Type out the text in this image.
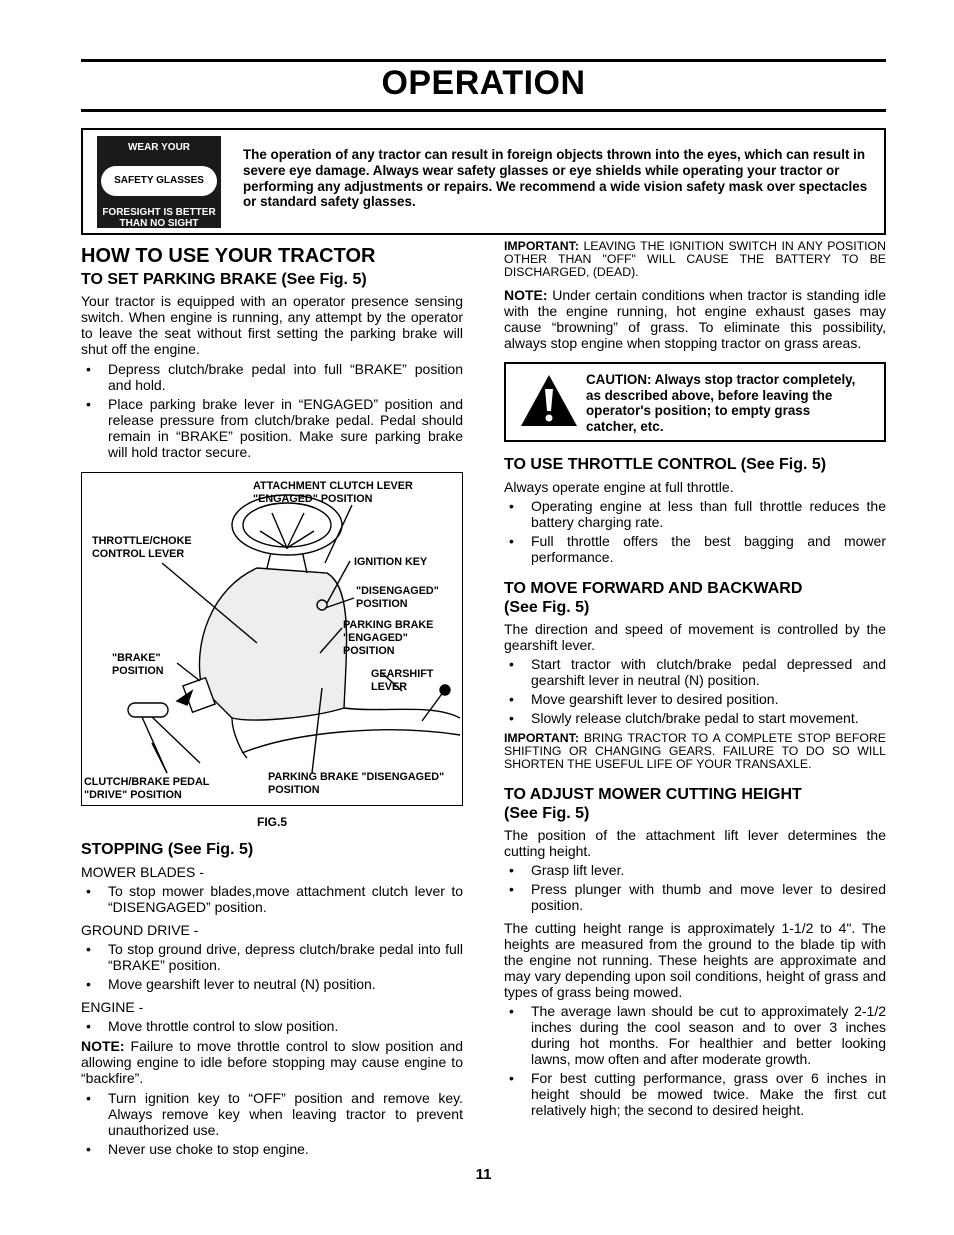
OPERATION
WEAR YOUR
SAFETY GLASSES
FORESIGHT IS BETTER
THAN NO SIGHT
The operation of any tractor can result in foreign objects thrown into the eyes, which can result in severe eye damage. Always wear safety glasses or eye shields while operating your tractor or performing any adjustments or repairs. We recommend a wide vision safety mask over spectacles or standard safety glasses.
HOW TO USE YOUR TRACTOR
TO SET PARKING BRAKE (See Fig. 5)

Your tractor is equipped with an operator presence sensing switch. When engine is running, any attempt by the operator to leave the seat without first setting the parking brake will shut off the engine.

• Depress clutch/brake pedal into full “BRAKE” position and hold.
• Place parking brake lever in “ENGAGED” position and release pressure from clutch/brake pedal. Pedal should remain in “BRAKE” position. Make sure parking brake will hold tractor secure.
ATTACHMENT CLUTCH LEVER "ENGAGED" POSITION
THROTTLE/CHOKE CONTROL LEVER
IGNITION KEY
"DISENGAGED" POSITION
PARKING BRAKE "ENGAGED" POSITION
"BRAKE" POSITION	GEARSHIFT LEVER
CLUTCH/BRAKE PEDAL "DRIVE" POSITION
PARKING BRAKE "DISENGAGED" POSITION
FIG.5
STOPPING (See Fig. 5)

MOWER BLADES -

• To stop mower blades,move attachment clutch lever to “DISENGAGED” position.

GROUND DRIVE -

• To stop ground drive, depress clutch/brake pedal into full “BRAKE” position.
• Move gearshift lever to neutral (N) position.

ENGINE -

• Move throttle control to slow position.

NOTE: Failure to move throttle control to slow position and allowing engine to idle before stopping may cause engine to “backfire”.

• Turn ignition key to “OFF” position and remove key. Always remove key when leaving tractor to prevent unauthorized use.
• Never use choke to stop engine.

IMPORTANT: LEAVING THE IGNITION SWITCH IN ANY POSITION OTHER THAN "OFF" WILL CAUSE THE BATTERY TO BE DISCHARGED, (DEAD).

NOTE: Under certain conditions when tractor is standing idle with the engine running, hot engine exhaust gases may cause “browning” of grass. To eliminate this possibility, always stop engine when stopping tractor on grass areas.

CAUTION: Always stop tractor completely, as described above, before leaving the operator's position; to empty grass catcher, etc.
TO USE THROTTLE CONTROL (See Fig. 5)

Always operate engine at full throttle.

• Operating engine at less than full throttle reduces the battery charging rate.
• Full throttle offers the best bagging and mower performance.
TO MOVE FORWARD AND BACKWARD
(See Fig. 5)

The direction and speed of movement is controlled by the gearshift lever.

• Start tractor with clutch/brake pedal depressed and gearshift lever in neutral (N) position.
• Move gearshift lever to desired position.
• Slowly release clutch/brake pedal to start movement.

IMPORTANT: BRING TRACTOR TO A COMPLETE STOP BEFORE SHIFTING OR CHANGING GEARS. FAILURE TO DO SO WILL SHORTEN THE USEFUL LIFE OF YOUR TRANSAXLE.

TO ADJUST MOWER CUTTING HEIGHT
(See Fig. 5)

The position of the attachment lift lever determines the cutting height.

• Grasp lift lever.
• Press plunger with thumb and move lever to desired position.

The cutting height range is approximately 1-1/2 to 4". The heights are measured from the ground to the blade tip with the engine not running. These heights are approximate and may vary depending upon soil conditions, height of grass and types of grass being mowed.

• The average lawn should be cut to approximately 2-1/2 inches during the cool season and to over 3 inches during hot months. For healthier and better looking lawns, mow often and after moderate growth.
• For best cutting performance, grass over 6 inches in height should be mowed twice. Make the first cut relatively high; the second to desired height.
11
